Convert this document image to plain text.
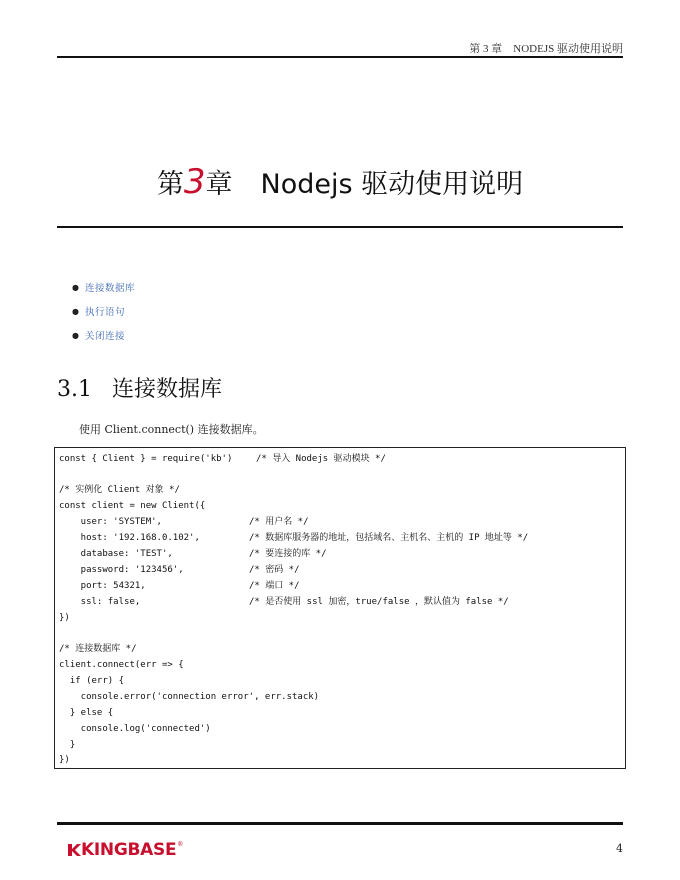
第 3 章　NODEJS 驱动使用说明
第3章 Nodejs 驱动使用说明
● 连接数据库
● 执行语句
● 关闭连接
3.1 连接数据库
使用 Client.connect() 连接数据库。
const { Client } = require('kb')	/* 导入 Nodejs 驱动模块 */
/* 实例化 Client 对象 */
const client = new Client({
user: 'SYSTEM',	/* 用户名 */
host: '192.168.0.102',	/* 数据库服务器的地址，包括域名、主机名、主机的 IP 地址等 */
database: 'TEST',	/* 要连接的库 */
password: '123456',	/* 密码 */
port: 54321,	/* 端口 */
ssl: false,	/* 是否使用 ssl 加密，true/false ，默认值为 false */
})
/* 连接数据库 */
client.connect(err => {
if (err) {
console.error('connection error', err.stack)
} else {
console.log('connected')
}
})
KINGBASE ®	4
